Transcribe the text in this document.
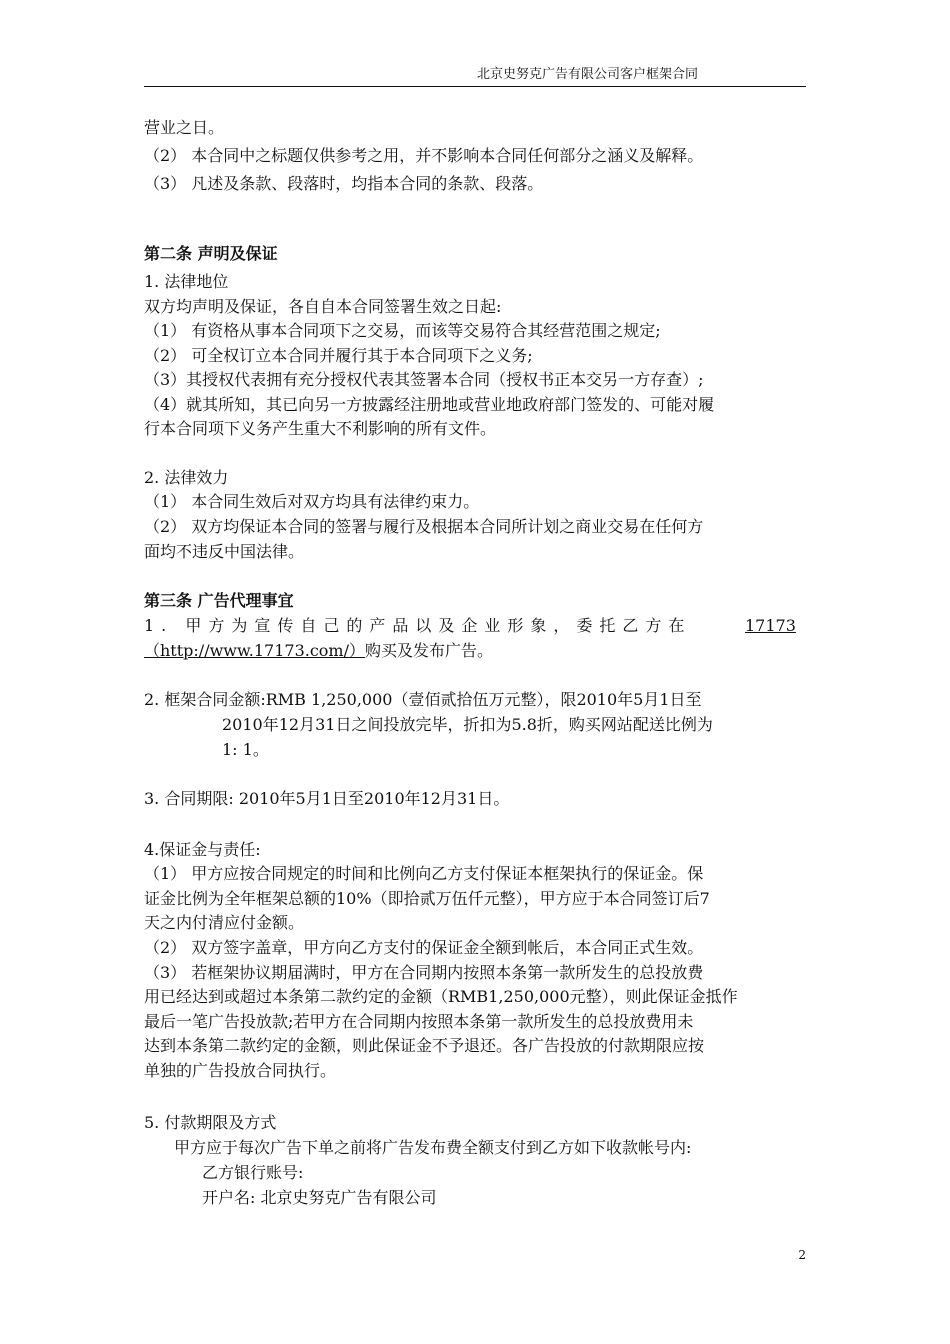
北京史努克广告有限公司客户框架合同
营业之日。
（2） 本合同中之标题仅供参考之用，并不影响本合同任何部分之涵义及解释。
（3） 凡述及条款、段落时，均指本合同的条款、段落。
第二条 声明及保证
1. 法律地位
双方均声明及保证，各自自本合同签署生效之日起:
（1） 有资格从事本合同项下之交易，而该等交易符合其经营范围之规定;
（2） 可全权订立本合同并履行其于本合同项下之义务;
（3）其授权代表拥有充分授权代表其签署本合同（授权书正本交另一方存查）;
（4）就其所知，其已向另一方披露经注册地或营业地政府部门签发的、可能对履
行本合同项下义务产生重大不利影响的所有文件。
2. 法律效力
（1） 本合同生效后对双方均具有法律约束力。
（2） 双方均保证本合同的签署与履行及根据本合同所计划之商业交易在任何方
面均不违反中国法律。
第三条 广告代理事宜
1. 甲方为宣传自己的产品以及企业形象，委托乙方在	17173
（http://www.17173.com/）购买及发布广告。
2. 框架合同金额:RMB 1,250,000（壹佰贰拾伍万元整），限2010年5月1日至
2010年12月31日之间投放完毕，折扣为5.8折，购买网站配送比例为
1: 1。
3. 合同期限: 2010年5月1日至2010年12月31日。
4.保证金与责任:
（1） 甲方应按合同规定的时间和比例向乙方支付保证本框架执行的保证金。保
证金比例为全年框架总额的10%（即拾贰万伍仟元整），甲方应于本合同签订后7
天之内付清应付金额。
（2） 双方签字盖章，甲方向乙方支付的保证金全额到帐后，本合同正式生效。
（3） 若框架协议期届满时，甲方在合同期内按照本条第一款所发生的总投放费
用已经达到或超过本条第二款约定的金额（RMB1,250,000元整），则此保证金抵作
最后一笔广告投放款;若甲方在合同期内按照本条第一款所发生的总投放费用未
达到本条第二款约定的金额，则此保证金不予退还。各广告投放的付款期限应按
单独的广告投放合同执行。
5. 付款期限及方式
甲方应于每次广告下单之前将广告发布费全额支付到乙方如下收款帐号内:
乙方银行账号:
开户名: 北京史努克广告有限公司
2
